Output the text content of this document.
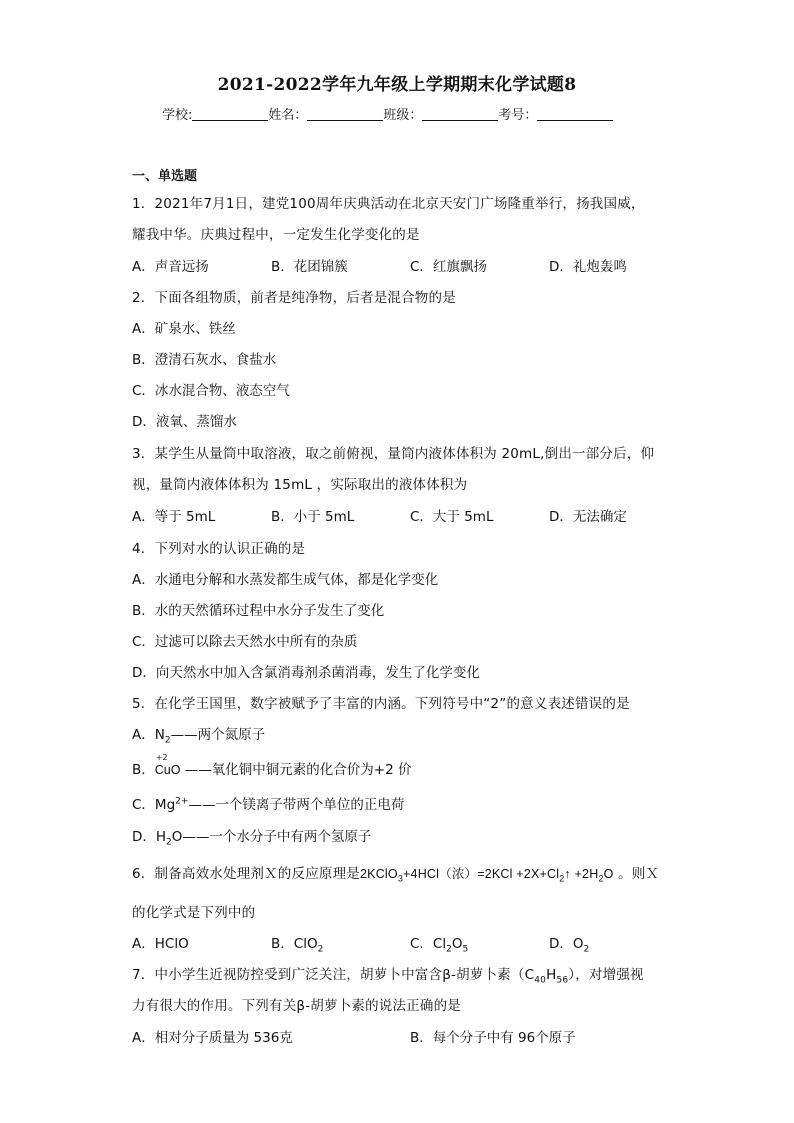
2021-2022学年九年级上学期期末化学试题8
学校:	姓名：	班级：	考号：
一、单选题
1．2021年7月1日，建党100周年庆典活动在北京天安门广场隆重举行，扬我国威，
耀我中华。庆典过程中，一定发生化学变化的是
A．声音远扬	B．花团锦簇	C．红旗飘扬	D．礼炮轰鸣
2．下面各组物质，前者是纯净物，后者是混合物的是
A．矿泉水、铁丝
B．澄清石灰水、食盐水
C．冰水混合物、液态空气
D．液氧、蒸馏水
3．某学生从量筒中取溶液，取之前俯视，量筒内液体体积为 20mL,倒出一部分后，仰
视，量筒内液体体积为 15mL ，实际取出的液体体积为
A．等于 5mL	B．小于 5mL	C．大于 5mL	D．无法确定
4．下列对水的认识正确的是
A．水通电分解和水蒸发都生成气体，都是化学变化
B．水的天然循环过程中水分子发生了变化
C．过滤可以除去天然水中所有的杂质
D．向天然水中加入含氯消毒剂杀菌消毒，发生了化学变化
5．在化学王国里，数字被赋予了丰富的内涵。下列符号中“2”的意义表述错误的是
A．$N_2——$两个氮原子
B．
+2
CuO ——氧化铜中铜元素的化合价为+2 价
C．$Mg^{2+}——$一个镁离子带两个单位的正电荷
D．$H_2O——$一个水分子中有两个氢原子
6．制备高效水处理剂Ｘ的反应原理是2KClO$_3$+4HCl（浓）$=2KCl +2X+Cl_2↑ +2H_2O$ 。则Ｘ
的化学式是下列中的
A．HClO	B．ClO$_2$	C．$Cl_2O_5$	D．$O_2$
7．中小学生近视防控受到广泛关注，胡萝卜中富含β-胡萝卜素$(C_{40}H_{56})$，对增强视
力有很大的作用。下列有关β-胡萝卜素的说法正确的是
A．相对分子质量为 536克	B．每个分子中有 96个原子
